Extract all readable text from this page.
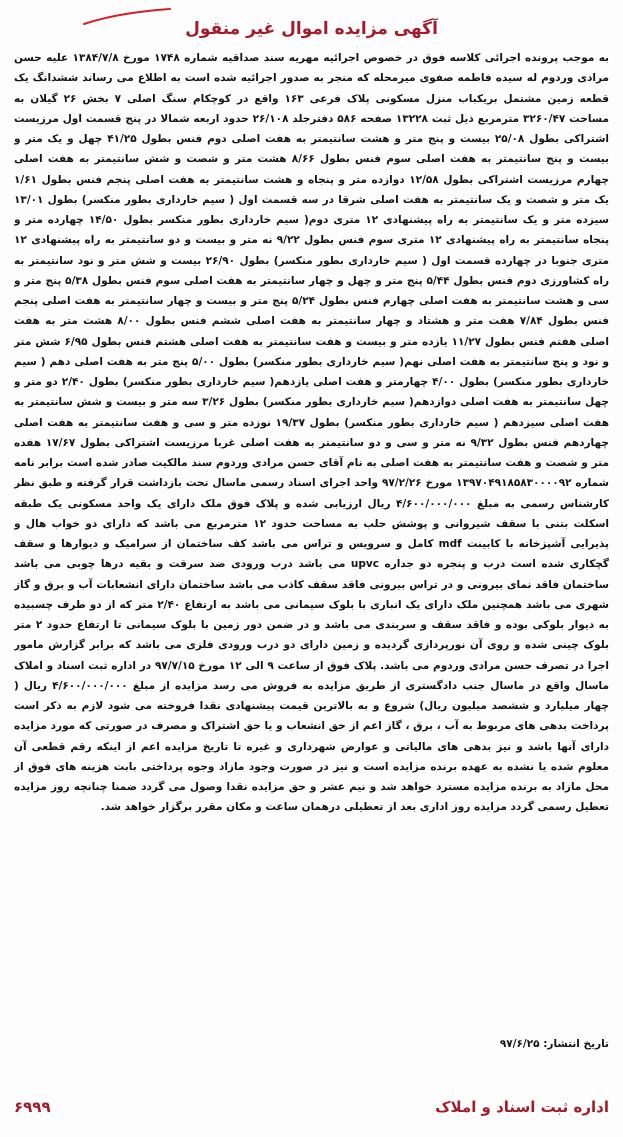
آگهی مزایده اموال غیر منقول

به موجب پرونده اجرائی کلاسه فوق در خصوص اجرائیه مهریه سند صداقیه شماره ۱۷۴۸ مورخ ۱۳۸۴/۷/۸ علیه حسن مرادی وردوم له سیده فاطمه صفوی میرمحله که منجر به صدور اجرائیه شده است به اطلاع می رساند ششدانگ یک قطعه زمین مشتمل بریکباب منزل مسکونی پلاک فرعی ۱۶۳ واقع در کوچکام سنگ اصلی ۷ بخش ۲۶ گیلان به مساحت ۳۲۶۰/۴۷ مترمربع ذیل ثبت ۱۳۲۲۸ صفحه ۵۸۶ دفترجلد ۲۶/۱۰۸ حدود اربعه شمالا در پنج قسمت اول مرزیست اشتراکی بطول ۲۵/۰۸ بیست و پنج متر و هشت سانتیمتر به هفت اصلی دوم فنس بطول ۴۱/۲۵ چهل و یک متر و بیست و پنج سانتیمتر به هفت اصلی سوم فنس بطول ۸/۶۶ هشت متر و شصت و شش سانتیمتر به هفت اصلی چهارم مرزیست اشتراکی بطول ۱۲/۵۸ دوازده متر و پنجاه و هشت سانتیمتر به هفت اصلی پنجم فنس بطول ۱/۶۱ یک متر و شصت و یک سانتیمتر به هفت اصلی شرقا در سه قسمت اول ( سیم خارداری بطور منکسر) بطول ۱۳/۰۱ سیزده متر و یک سانتیمتر به راه پیشنهادی ۱۲ متری دوم( سیم خارداری بطور منکسر بطول ۱۴/۵۰ چهارده متر و پنجاه سانتیمتر به راه پیشنهادی ۱۲ متری سوم فنس بطول ۹/۲۲ نه متر و بیست و دو سانتیمتر به راه پیشنهادی ۱۲ متری جنوبا در چهارده قسمت اول ( سیم خارداری بطور منکسر) بطول ۲۶/۹۰ بیست و شش متر و نود سانتیمتر به راه کشاورزی دوم فنس بطول ۵/۴۴ پنج متر و چهل و چهار سانتیمتر به هفت اصلی سوم فنس بطول ۵/۳۸ پنج متر و سی و هشت سانتیمتر به هفت اصلی چهارم فنس بطول ۵/۲۴ پنج متر و بیست و چهار سانتیمتر به هفت اصلی پنجم فنس بطول ۷/۸۴ هفت متر و هشتاد و چهار سانتیمتر به هفت اصلی ششم فنس بطول ۸/۰۰ هشت متر به هفت اصلی هفتم فنس بطول ۱۱/۲۷ یازده متر و بیست و هفت سانتیمتر به هفت اصلی هشتم فنس بطول ۶/۹۵ شش متر و نود و پنج سانتیمتر به هفت اصلی نهم( سیم خارداری بطور منکسر) بطول ۵/۰۰ پنج متر به هفت اصلی دهم ( سیم خارداری بطور منکسر) بطول ۴/۰۰ چهارمتر و هفت اصلی یازدهم( سیم خارداری بطور منکسر) بطول ۲/۴۰ دو متر و چهل سانتیمتر به هفت اصلی دوازدهم( سیم خارداری بطور منکسر) بطول ۳/۲۶ سه متر و بیست و شش سانتیمتر به هفت اصلی سیزدهم ( سیم خارداری بطور منکسر) بطول ۱۹/۳۷ نوزده متر و سی و هفت سانتیمتر به هفت اصلی چهاردهم فنس بطول ۹/۳۲ نه متر و سی و دو سانتیمتر به هفت اصلی غربا مرزیست اشتراکی بطول ۱۷/۶۷ هفده متر و شصت و هفت سانتیمتر به هفت اصلی به نام آقای حسن مرادی وردوم سند مالکیت صادر شده است برابر نامه شماره ۱۳۹۷۰۴۹۱۸۵۸۳۰۰۰۰۹۲ مورخ ۹۷/۲/۲۶ واحد اجرای اسناد رسمی ماسال تحت بازداشت قرار گرفته و طبق نظر کارشناس رسمی به مبلغ ۴/۶۰۰/۰۰۰/۰۰۰ ریال ارزیابی شده و پلاک فوق ملک دارای یک واحد مسکونی یک طبقه اسکلت بتنی با سقف شیروانی و پوشش حلب به مساحت حدود ۱۲ مترمربع می باشد که دارای دو خواب هال و پذیرایی آشپزخانه با کابینت mdf کامل و سرویس و تراس می باشد کف ساختمان از سرامیک و دیوارها و سقف گچکاری شده است درب و پنجره دو جداره upvc می باشد درب ورودی ضد سرقت و بقیه درها چوبی می باشد ساختمان فاقد نمای بیرونی و در تراس بیرونی فاقد سقف کاذب می باشد ساختمان دارای انشعابات آب و برق و گاز شهری می باشد همچنین ملک دارای یک انباری با بلوک سیمانی می باشد به ارتفاع ۲/۴۰ متر که از دو طرف چسبیده به دیوار بلوکی بوده و فاقد سقف و سربندی می باشد و در ضمن دور زمین با بلوک سیمانی تا ارتفاع حدود ۲ متر بلوک چینی شده و روی آن نورپردازی گردیده و زمین دارای دو درب ورودی فلزی می باشد که برابر گزارش مامور اجرا در تصرف حسن مرادی وردوم می باشد. پلاک فوق از ساعت ۹ الی ۱۲ مورخ ۹۷/۷/۱۵ در اداره ثبت اسناد و املاک ماسال واقع در ماسال جنب دادگستری از طریق مزایده به فروش می رسد مزایده از مبلغ ۴/۶۰۰/۰۰۰/۰۰۰ ریال ( چهار میلیارد و ششصد میلیون ریال) شروع و به بالاترین قیمت پیشنهادی نقدا فروخته می شود لازم به ذکر است پرداخت بدهی های مربوط به آب ، برق ، گاز اعم از حق انشعاب و یا حق اشتراک و مصرف در صورتی که مورد مزایده دارای آنها باشد و نیز بدهی های مالیاتی و عوارض شهرداری و غیره تا تاریخ مزایده اعم از اینکه رقم قطعی آن معلوم شده یا نشده به عهده برنده مزایده است و نیز در صورت وجود مازاد وجوه پرداختی بابت هزینه های فوق از محل مازاد به برنده مزایده مسترد خواهد شد و نیم عشر و حق مزایده نقدا وصول می گردد ضمنا چنانچه روز مزایده تعطیل رسمی گردد مزایده روز اداری بعد از تعطیلی درهمان ساعت و مکان مقرر برگزار خواهد شد.

تاریخ انتشار: ۹۷/۶/۲۵

اداره ثبت اسناد و املاک
۶۹۹۹
